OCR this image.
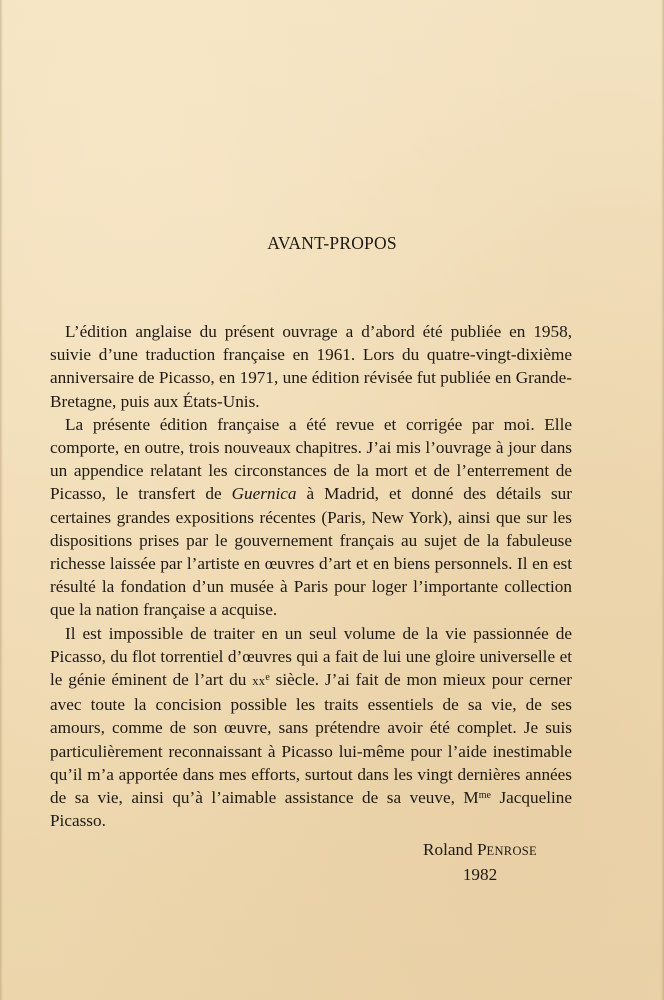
AVANT-PROPOS

L’édition anglaise du présent ouvrage a d’abord été publiée en 1958, suivie d’une traduction française en 1961. Lors du quatre-vingt-dixième anniversaire de Picasso, en 1971, une édition révisée fut publiée en Grande-Bretagne, puis aux États-Unis.

La présente édition française a été revue et corrigée par moi. Elle comporte, en outre, trois nouveaux chapitres. J’ai mis l’ouvrage à jour dans un appendice relatant les circonstances de la mort et de l’enterrement de Picasso, le transfert de Guernica à Madrid, et donné des détails sur certaines grandes expositions récentes (Paris, New York), ainsi que sur les dispositions prises par le gouvernement français au sujet de la fabuleuse richesse laissée par l’artiste en œuvres d’art et en biens personnels. Il en est résulté la fondation d’un musée à Paris pour loger l’importante collection que la nation française a acquise.

Il est impossible de traiter en un seul volume de la vie passionnée de Picasso, du flot torrentiel d’œuvres qui a fait de lui une gloire universelle et le génie éminent de l’art du $xx^e$ siècle. J’ai fait de mon mieux pour cerner avec toute la concision possible les traits essentiels de sa vie, de ses amours, comme de son œuvre, sans prétendre avoir été complet. Je suis particulièrement reconnaissant à Picasso lui-même pour l’aide inestimable qu’il m’a apportée dans mes efforts, surtout dans les vingt dernières années de sa vie, ainsi qu’à l’aimable assistance de sa veuve, $M^{me}$ Jacqueline Picasso.

Roland PENROSE
1982
